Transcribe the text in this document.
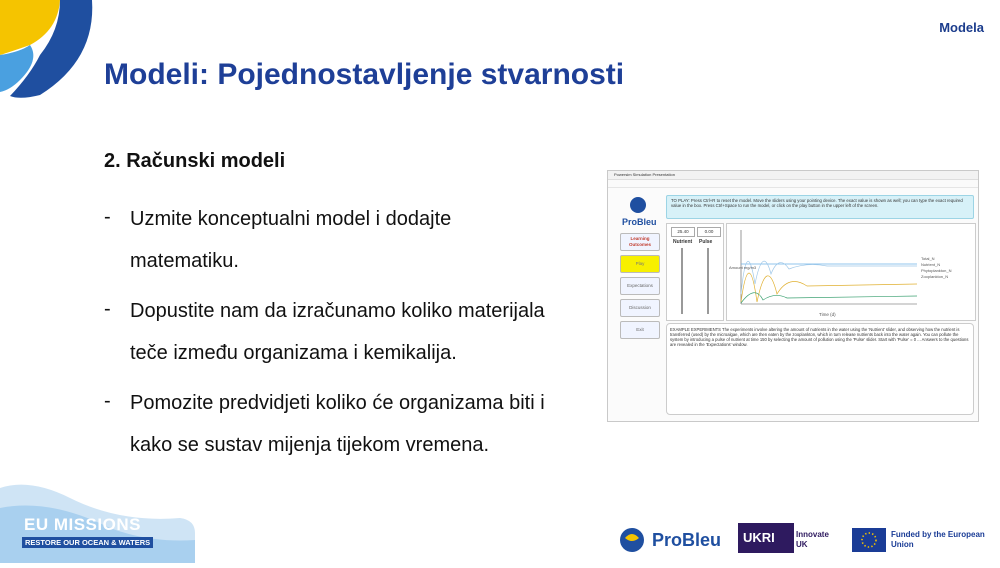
Modela
Modeli: Pojednostavljenje stvarnosti
2. Računski modeli
- Uzmite konceptualni model i dodajte
matematiku.
- Dopustite nam da izračunamo koliko materijala
teče između organizama i kemikalija.
- Pomozite predvidjeti koliko će organizama biti i
kako se sustav mijenja tijekom vremena.
Powersim Simulation Presentation
ProBleu
Learning Outcomes
Play
Expectations
Discussion
Exit
TO PLAY: Press Ctrl+R to reset the model. Move the sliders using your pointing device. The exact value is shown as well; you can type the exact required value in the box. Press Ctrl+Space to run the model, or click on the play button in the upper left of the screen.
25.40	0.00
Nutrient Pulse
Amount mg/m3
Time (d)
Total_N
Nutrient_N
Phytoplankton_N
Zooplankton_N
EXAMPLE EXPERIMENTS The experiments involve altering the amount of nutrients in the water using the 'Nutrient' slider, and observing how the nutrient is transferred (used) by the microalgae, which are then eaten by the zooplankton, which in turn release nutrients back into the water again. You can pollute the system by introducing a pulse of nutrient at time 150 by selecting the amount of pollution using the 'Pulse' slider. Start with 'Pulse' = 0 ... Answers to the questions are revealed in the 'Expectations' window.
EU MISSIONS
RESTORE OUR OCEAN & WATERS	ProBleu	UKRI	Innovate UK
Funded by the European Union
